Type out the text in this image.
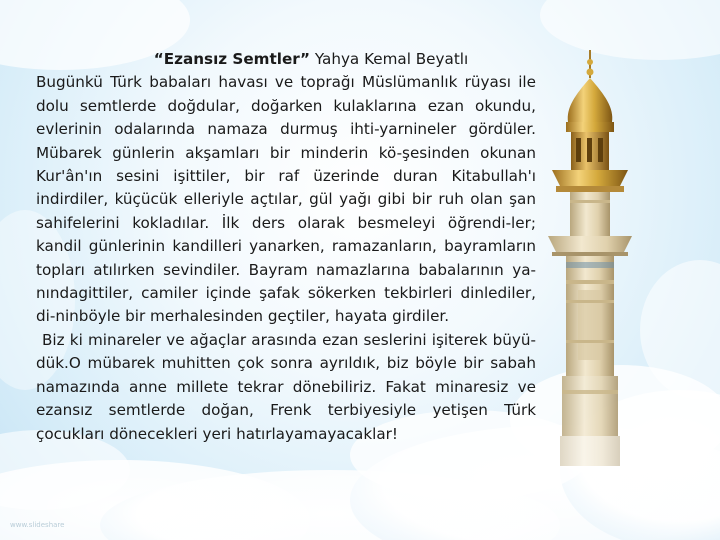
“Ezansız Semtler” Yahya Kemal Beyatlı

Bugünkü Türk babaları havası ve toprağı Müslümanlık rüyası ile dolu semtlerde doğdular, doğarken kulaklarına ezan okundu, evlerinin odalarında namaza durmuş ihti-yarnineler gördüler. Mübarek günlerin akşamları bir minderin kö-şesinden okunan Kur'ân'ın sesini işittiler, bir raf üzerinde duran Kitabullah'ı indirdiler, küçücük elleriyle açtılar, gül yağı gibi bir ruh olan şan sahifelerini kokladılar. İlk ders olarak besmeleyi öğrendi-ler; kandil günlerinin kandilleri yanarken, ramazanların, bayramların topları atılırken sevindiler. Bayram namazlarına babalarının ya-nındagittiler, camiler içinde şafak sökerken tekbirleri dinlediler, di-ninböyle bir merhalesinden geçtiler, hayata girdiler.

Biz ki minareler ve ağaçlar arasında ezan seslerini işiterek büyü-dük.O mübarek muhitten çok sonra ayrıldık, biz böyle bir sabah namazında anne millete tekrar dönebiliriz. Fakat minaresiz ve ezansız semtlerde doğan, Frenk terbiyesiyle yetişen Türk çocukları dönecekleri yeri hatırlayamayacaklar!

www.slideshare
